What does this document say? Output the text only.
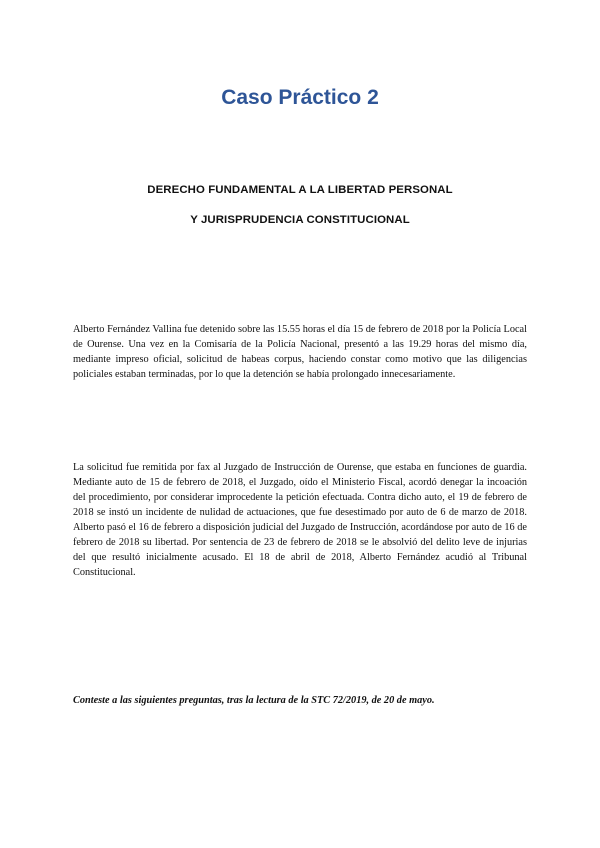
Caso Práctico 2

DERECHO FUNDAMENTAL A LA LIBERTAD PERSONAL

Y JURISPRUDENCIA CONSTITUCIONAL

Alberto Fernández Vallina fue detenido sobre las 15.55 horas el día 15 de febrero de 2018 por la Policía Local de Ourense. Una vez en la Comisaría de la Policía Nacional, presentó a las 19.29 horas del mismo día, mediante impreso oficial, solicitud de habeas corpus, haciendo constar como motivo que las diligencias policiales estaban terminadas, por lo que la detención se había prolongado innecesariamente.

La solicitud fue remitida por fax al Juzgado de Instrucción de Ourense, que estaba en funciones de guardia. Mediante auto de 15 de febrero de 2018, el Juzgado, oído el Ministerio Fiscal, acordó denegar la incoación del procedimiento, por considerar improcedente la petición efectuada. Contra dicho auto, el 19 de febrero de 2018 se instó un incidente de nulidad de actuaciones, que fue desestimado por auto de 6 de marzo de 2018. Alberto pasó el 16 de febrero a disposición judicial del Juzgado de Instrucción, acordándose por auto de 16 de febrero de 2018 su libertad. Por sentencia de 23 de febrero de 2018 se le absolvió del delito leve de injurias del que resultó inicialmente acusado. El 18 de abril de 2018, Alberto Fernández acudió al Tribunal Constitucional.

Conteste a las siguientes preguntas, tras la lectura de la STC 72/2019, de 20 de mayo.
